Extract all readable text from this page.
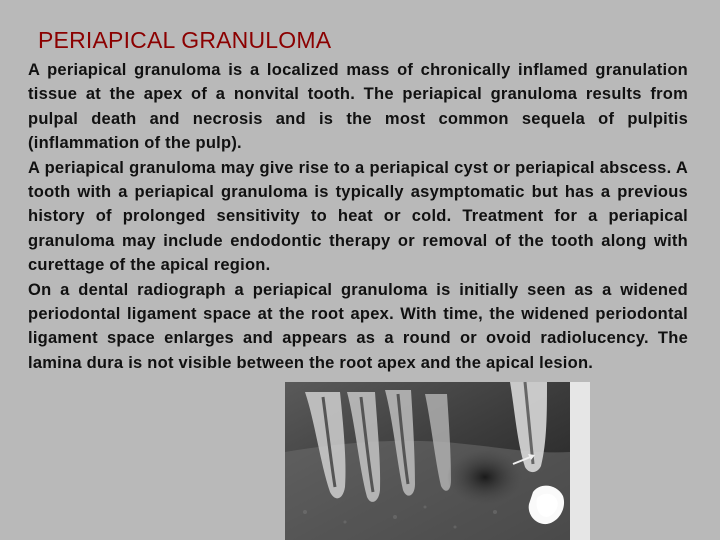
PERIAPICAL GRANULOMA

A periapical granuloma is a localized mass of chronically inflamed granulation tissue at the apex of a nonvital tooth. The periapical granuloma results from pulpal death and necrosis and is the most common sequela of pulpitis (inflammation of the pulp).

A periapical granuloma may give rise to a periapical cyst or periapical abscess. A tooth with a periapical granuloma is typically asymptomatic but has a previous history of prolonged sensitivity to heat or cold. Treatment for a periapical granuloma may include endodontic therapy or removal of the tooth along with curettage of the apical region.

On a dental radiograph a periapical granuloma is initially seen as a widened periodontal ligament space at the root apex. With time, the widened periodontal ligament space enlarges and appears as a round or ovoid radiolucency. The lamina dura is not visible between the root apex and the apical lesion.
